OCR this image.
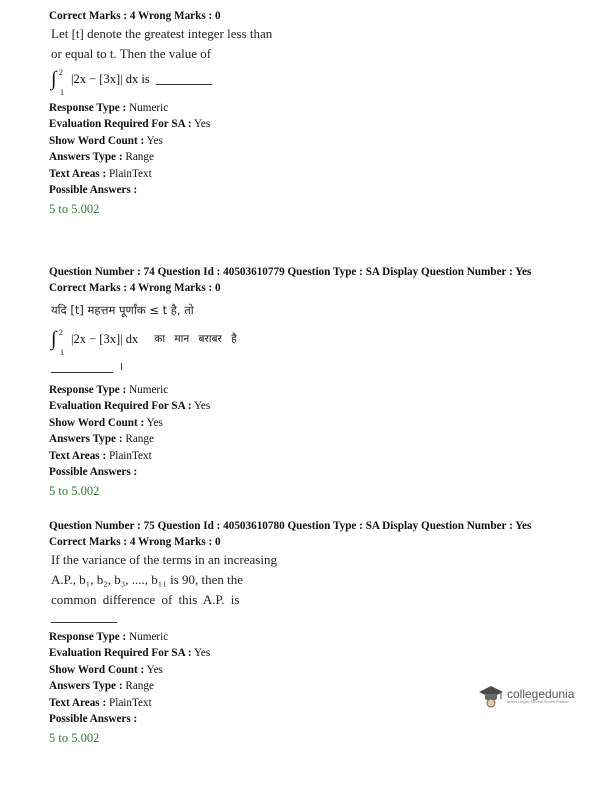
Correct Marks : 4 Wrong Marks : 0
Let [t] denote the greatest integer less than
or equal to t. Then the value of
∫ 2
1
|2x − [3x]| dx is
Response Type : Numeric
Evaluation Required For SA : Yes
Show Word Count : Yes
Answers Type : Range
Text Areas : PlainText
Possible Answers :
5 to 5.002
Question Number : 74 Question Id : 40503610779 Question Type : SA Display Question Number : Yes
Correct Marks : 4 Wrong Marks : 0
यदि [t] महत्तम पूर्णांक ≤ t है, तो
∫ 2
1
|2x − [3x]| dx का मान बराबर है
।
Response Type : Numeric
Evaluation Required For SA : Yes
Show Word Count : Yes
Answers Type : Range
Text Areas : PlainText
Possible Answers :
5 to 5.002
Question Number : 75 Question Id : 40503610780 Question Type : SA Display Question Number : Yes
Correct Marks : 4 Wrong Marks : 0
If the variance of the terms in an increasing
A.P., b₁, b₂, b₃, ...., b₁₁ is 90, then the
common difference of this A.P. is
Response Type : Numeric
Evaluation Required For SA : Yes
Show Word Count : Yes
Answers Type : Range
Text Areas : PlainText
Possible Answers :
5 to 5.002
collegedunia
India's Largest Student Review Platform
